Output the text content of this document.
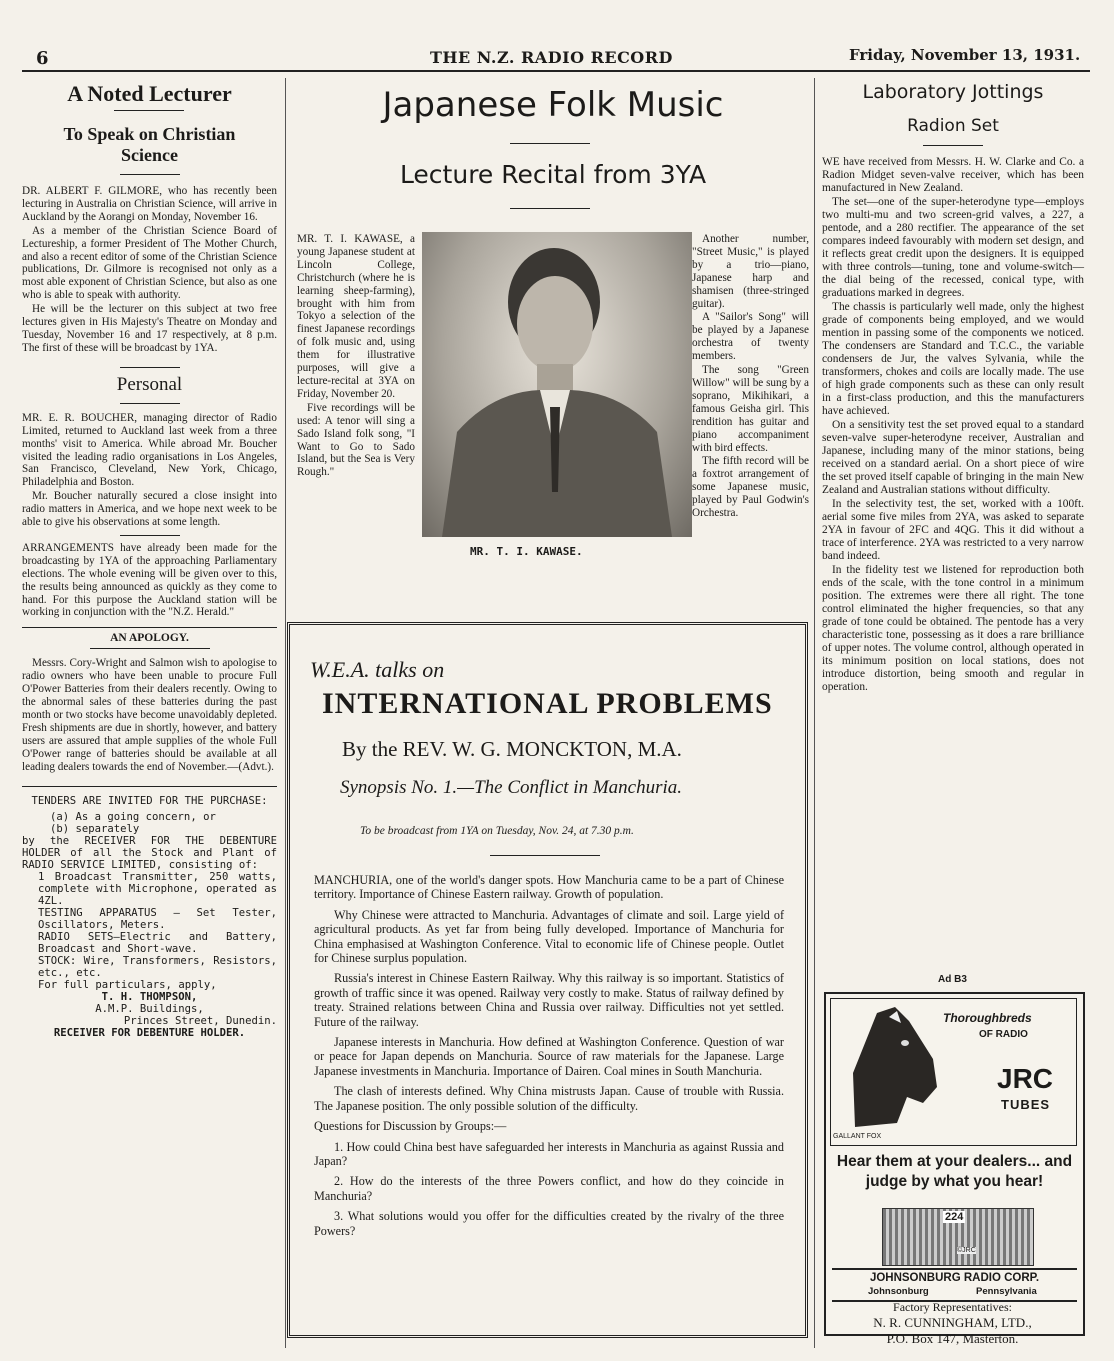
6	THE N.Z. RADIO RECORD	Friday, November 13, 1931.
A Noted Lecturer
To Speak on Christian Science

DR. ALBERT F. GILMORE, who has recently been lecturing in Australia on Christian Science, will arrive in Auckland by the Aorangi on Monday, November 16.

As a member of the Christian Science Board of Lectureship, a former President of The Mother Church, and also a recent editor of some of the Christian Science publications, Dr. Gilmore is recognised not only as a most able exponent of Christian Science, but also as one who is able to speak with authority.

He will be the lecturer on this subject at two free lectures given in His Majesty's Theatre on Monday and Tuesday, November 16 and 17 respectively, at 8 p.m. The first of these will be broadcast by 1YA.

Personal

MR. E. R. BOUCHER, managing director of Radio Limited, returned to Auckland last week from a three months' visit to America. While abroad Mr. Boucher visited the leading radio organisations in Los Angeles, San Francisco, Cleveland, New York, Chicago, Philadelphia and Boston.

Mr. Boucher naturally secured a close insight into radio matters in America, and we hope next week to be able to give his observations at some length.

ARRANGEMENTS have already been made for the broadcasting by 1YA of the approaching Parliamentary elections. The whole evening will be given over to this, the results being announced as quickly as they come to hand. For this purpose the Auckland station will be working in conjunction with the "N.Z. Herald."

AN APOLOGY.

Messrs. Cory-Wright and Salmon wish to apologise to radio owners who have been unable to procure Full O'Power Batteries from their dealers recently. Owing to the abnormal sales of these batteries during the past month or two stocks have become unavoidably depleted. Fresh shipments are due in shortly, however, and battery users are assured that ample supplies of the whole Full O'Power range of batteries should be available at all leading dealers towards the end of November.—(Advt.).

TENDERS ARE INVITED FOR THE PURCHASE:
(a) As a going concern, or
(b) separately
by the RECEIVER FOR THE DEBENTURE HOLDER of all the Stock and Plant of RADIO SERVICE LIMITED, consisting of:
1 Broadcast Transmitter, 250 watts, complete with Microphone, operated as 4ZL.
TESTING APPARATUS — Set Tester, Oscillators, Meters.
RADIO SETS—Electric and Battery, Broadcast and Short-wave.
STOCK: Wire, Transformers, Resistors, etc., etc.
For full particulars, apply,
T. H. THOMPSON,
A.M.P. Buildings,
Princes Street, Dunedin.
RECEIVER FOR DEBENTURE HOLDER.
Japanese Folk Music
Lecture Recital from 3YA

MR. T. I. KAWASE, a young Japanese student at Lincoln College, Christchurch (where he is learning sheep-farming), brought with him from Tokyo a selection of the finest Japanese recordings of folk music and, using them for illustrative purposes, will give a lecture-recital at 3YA on Friday, November 20.

Five recordings will be used: A tenor will sing a Sado Island folk song, "I Want to Go to Sado Island, but the Sea is Very Rough."

MR. T. I. KAWASE.

Another number, "Street Music," is played by a trio—piano, Japanese harp and shamisen (three-stringed guitar).

A "Sailor's Song" will be played by a Japanese orchestra of twenty members.

The song "Green Willow" will be sung by a soprano, Mikihikari, a famous Geisha girl. This rendition has guitar and piano accompaniment with bird effects.

The fifth record will be a foxtrot arrangement of some Japanese music, played by Paul Godwin's Orchestra.

W.E.A. talks on
INTERNATIONAL PROBLEMS
By the REV. W. G. MONCKTON, M.A.
Synopsis No. 1.—The Conflict in Manchuria.
To be broadcast from 1YA on Tuesday, Nov. 24, at 7.30 p.m.

MANCHURIA, one of the world's danger spots. How Manchuria came to be a part of Chinese territory. Importance of Chinese Eastern railway. Growth of population.

Why Chinese were attracted to Manchuria. Advantages of climate and soil. Large yield of agricultural products. As yet far from being fully developed. Importance of Manchuria for China emphasised at Washington Conference. Vital to economic life of Chinese people. Outlet for Chinese surplus population.

Russia's interest in Chinese Eastern Railway. Why this railway is so important. Statistics of growth of traffic since it was opened. Railway very costly to make. Status of railway defined by treaty. Strained relations between China and Russia over railway. Difficulties not yet settled. Future of the railway.

Japanese interests in Manchuria. How defined at Washington Conference. Question of war or peace for Japan depends on Manchuria. Source of raw materials for the Japanese. Large Japanese investments in Manchuria. Importance of Dairen. Coal mines in South Manchuria.

The clash of interests defined. Why China mistrusts Japan. Cause of trouble with Russia. The Japanese position. The only possible solution of the difficulty.

Questions for Discussion by Groups:—

1. How could China best have safeguarded her interests in Manchuria as against Russia and Japan?

2. How do the interests of the three Powers conflict, and how do they coincide in Manchuria?

3. What solutions would you offer for the difficulties created by the rivalry of the three Powers?

Laboratory Jottings
Radion Set

WE have received from Messrs. H. W. Clarke and Co. a Radion Midget seven-valve receiver, which has been manufactured in New Zealand.

The set—one of the super-heterodyne type—employs two multi-mu and two screen-grid valves, a 227, a pentode, and a 280 rectifier. The appearance of the set compares indeed favourably with modern set design, and it reflects great credit upon the designers. It is equipped with three controls—tuning, tone and volume-switch—the dial being of the recessed, conical type, with graduations marked in degrees.

The chassis is particularly well made, only the highest grade of components being employed, and we would mention in passing some of the components we noticed. The condensers are Standard and T.C.C., the variable condensers de Jur, the valves Sylvania, while the transformers, chokes and coils are locally made. The use of high grade components such as these can only result in a first-class production, and this the manufacturers have achieved.

On a sensitivity test the set proved equal to a standard seven-valve super-heterodyne receiver, Australian and Japanese, including many of the minor stations, being received on a standard aerial. On a short piece of wire the set proved itself capable of bringing in the main New Zealand and Australian stations without difficulty.

In the selectivity test, the set, worked with a 100ft. aerial some five miles from 2YA, was asked to separate 2YA in favour of 2FC and 4QG. This it did without a trace of interference. 2YA was restricted to a very narrow band indeed.

In the fidelity test we listened for reproduction both ends of the scale, with the tone control in a minimum position. The extremes were there all right. The tone control eliminated the higher frequencies, so that any grade of tone could be obtained. The pentode has a very characteristic tone, possessing as it does a rare brilliance of upper notes. The volume control, although operated in its minimum position on local stations, does not introduce distortion, being smooth and regular in operation.

Ad B3
Thoroughbreds
OF RADIO
JRC
TUBES
GALLANT FOX
Hear them at your dealers... and judge by what you hear!
224
©JRC
JOHNSONBURG RADIO CORP.
Johnsonburg	Pennsylvania
Factory Representatives:
N. R. CUNNINGHAM, LTD.,
P.O. Box 147, Masterton.
